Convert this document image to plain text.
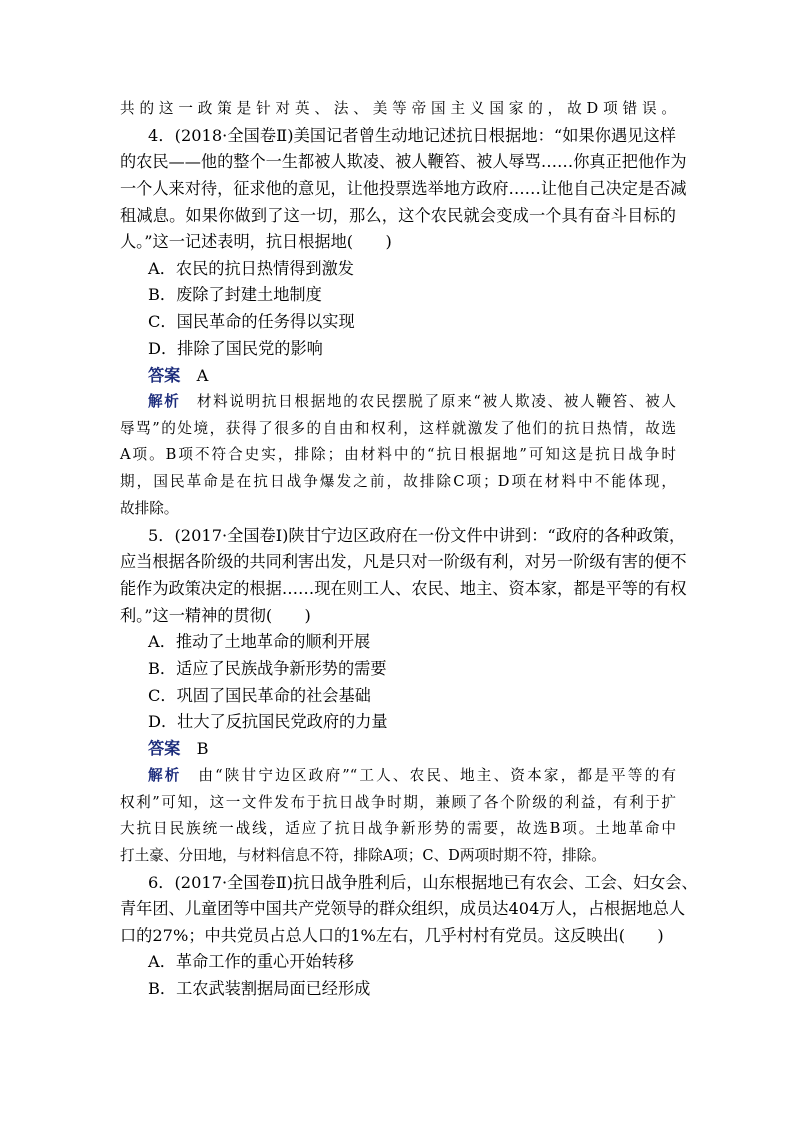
共的这一政策是针对英、法、美等帝国主义国家的，故D项错误。
4．(2018·全国卷Ⅱ)美国记者曾生动地记述抗日根据地：“如果你遇见这样
的农民——他的整个一生都被人欺凌、被人鞭笞、被人辱骂……你真正把他作为
一个人来对待，征求他的意见，让他投票选举地方政府……让他自己决定是否减
租减息。如果你做到了这一切，那么，这个农民就会变成一个具有奋斗目标的
人。”这一记述表明，抗日根据地(　　)
A．农民的抗日热情得到激发
B．废除了封建土地制度
C．国民革命的任务得以实现
D．排除了国民党的影响
答案　 A
解析　 材料说明抗日根据地的农民摆脱了原来“被人欺凌、被人鞭笞、被人
辱骂”的处境，获得了很多的自由和权利，这样就激发了他们的抗日热情，故选
A项。B项不符合史实，排除；由材料中的“抗日根据地”可知这是抗日战争时
期，国民革命是在抗日战争爆发之前，故排除C项；D项在材料中不能体现，
故排除。
5．(2017·全国卷Ⅰ)陕甘宁边区政府在一份文件中讲到：“政府的各种政策，
应当根据各阶级的共同利害出发，凡是只对一阶级有利，对另一阶级有害的便不
能作为政策决定的根据……现在则工人、农民、地主、资本家，都是平等的有权
利。”这一精神的贯彻(　　)
A．推动了土地革命的顺利开展
B．适应了民族战争新形势的需要
C．巩固了国民革命的社会基础
D．壮大了反抗国民党政府的力量
答案　 B
解析　 由“陕甘宁边区政府”“工人、农民、地主、资本家，都是平等的有
权利”可知，这一文件发布于抗日战争时期，兼顾了各个阶级的利益，有利于扩
大抗日民族统一战线，适应了抗日战争新形势的需要，故选B项。土地革命中
打土豪、分田地，与材料信息不符，排除A项；C、D两项时期不符，排除。
6．(2017·全国卷Ⅱ)抗日战争胜利后，山东根据地已有农会、工会、妇女会、
青年团、儿童团等中国共产党领导的群众组织，成员达404万人，占根据地总人
口的27%；中共党员占总人口的1%左右，几乎村村有党员。这反映出(　　)
A．革命工作的重心开始转移
B．工农武装割据局面已经形成
